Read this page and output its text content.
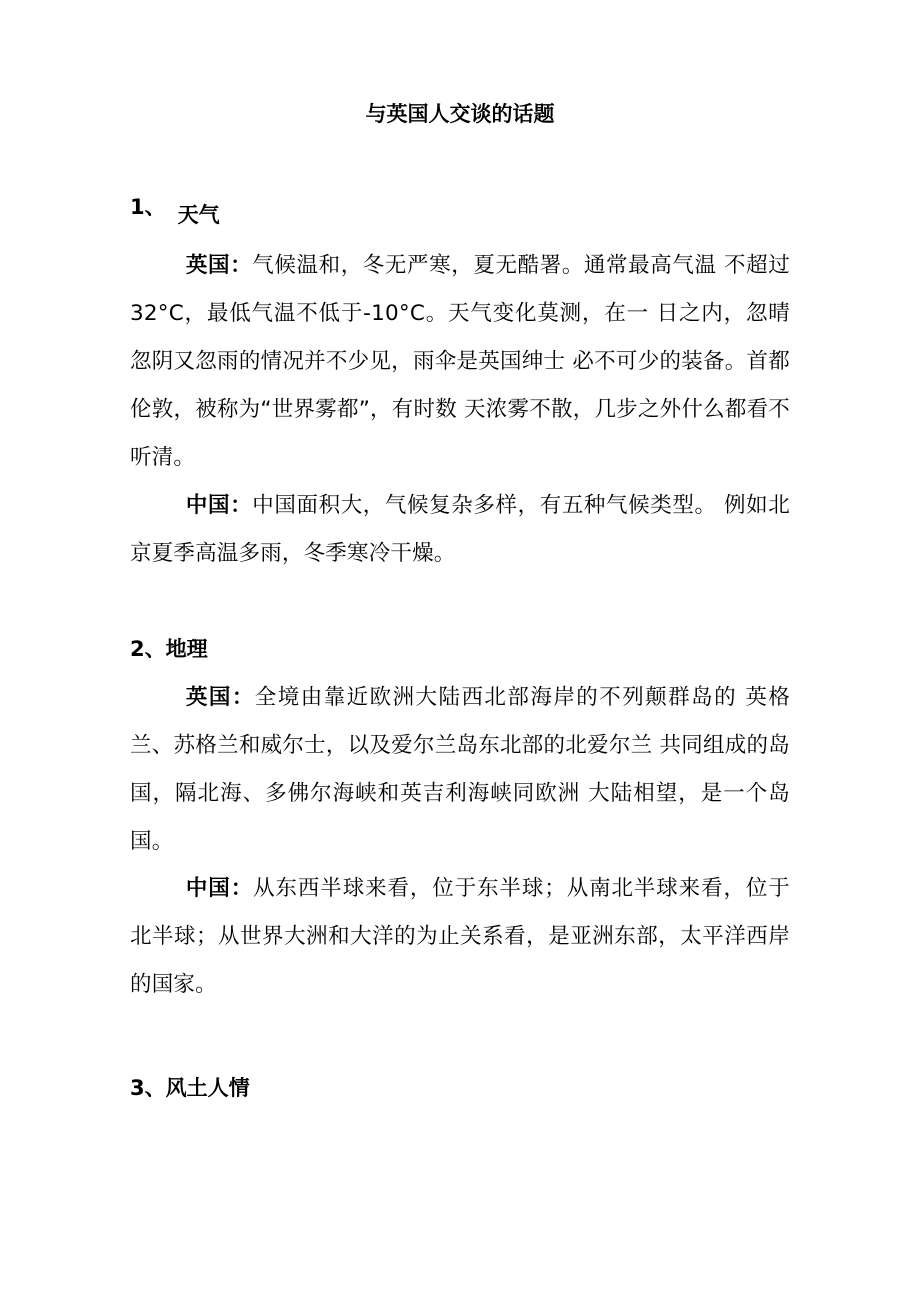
与英国人交谈的话题
1、 天气
英国：气候温和，冬无严寒，夏无酷署。通常最高气温 不超过32°C，最低气温不低于-10°C。天气变化莫测，在一 日之内，忽晴忽阴又忽雨的情况并不少见，雨伞是英国绅士 必不可少的装备。首都伦敦，被称为“世界雾都”，有时数 天浓雾不散，几步之外什么都看不听清。
中国：中国面积大，气候复杂多样，有五种气候类型。 例如北京夏季高温多雨，冬季寒冷干燥。
2、地理
英国：全境由靠近欧洲大陆西北部海岸的不列颠群岛的 英格兰、苏格兰和威尔士，以及爱尔兰岛东北部的北爱尔兰 共同组成的岛国，隔北海、多佛尔海峡和英吉利海峡同欧洲 大陆相望，是一个岛国。
中国：从东西半球来看，位于东半球；从南北半球来看，位于北半球；从世界大洲和大洋的为止关系看，是亚洲东部，太平洋西岸的国家。
3、风土人情
